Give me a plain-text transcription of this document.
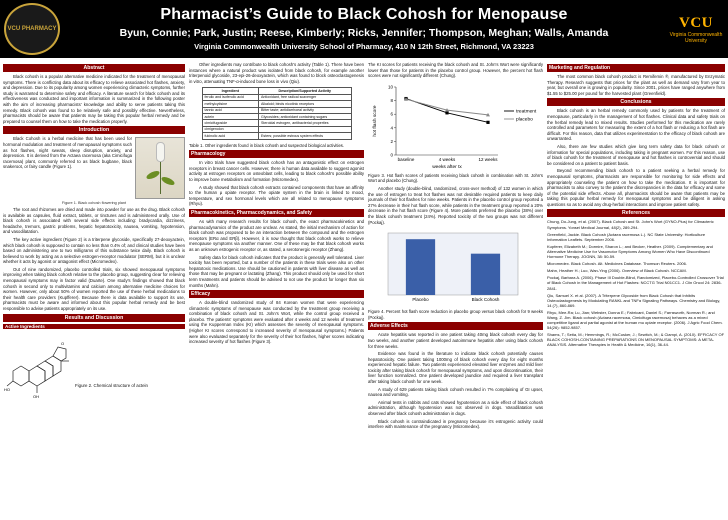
VCU PHARMACY
Pharmacist’s Guide to Black Cohosh for Menopause
Byun, Connie; Park, Justin; Reese, Kimberly; Ricks, Jennifer; Thompson, Meghan; Walls, Amanda
Virginia Commonwealth University School of Pharmacy, 410 N 12th Street, Richmond, VA 23223
VCU
Virginia Commonwealth University
Abstract
Black cohosh is a popular alternative medicine indicated for the treatment of menopausal symptoms. There is conflicting data about its efficacy to relieve associated hot flashes, anxiety, and depression. Due to its popularity among women experiencing climacteric symptoms, further study is warranted to determine safety and efficacy. A literature search for black cohosh and its effectiveness was conducted and important information is summarized in the following poster with the aim of increasing pharmacists' knowledge and ability to serve patients taking this remedy. Black cohosh was found to be relatively safe and possibly effective. Nevertheless, pharmacists should be aware that patients may be taking this popular herbal remedy and be prepared to counsel them on how to take the medication properly.
Introduction
Black Cohosh is a herbal medicine that has been used for hormonal modulation and treatment of menopausal symptoms such as hot flashes, night sweats, sleep disruption, anxiety, and depression. It is derived from the Actaea racemosa (aka Cimicifuga racemosa) plant, commonly referred to as black bugbane, black snakeroot, or fairy candle (Figure 1).
Figure 1. Black cohosh flowering plant
The root and rhizomes are dried and made into powder for use as the drug. Black cohosh is available as capsules, fluid extract, tablets, or tinctures and is administered orally. Use of black cohosh is associated with several side effects including: bradycardia, dizziness, headache, tremors, gastric problems, hepatic hepatotoxicity, nausea, vomiting, hypotension, and vasodilatation.
The key active ingredient (Figure 2) is a triterpene glycoside, specifically 27-deoxyactein, which black cohosh is supposed to contain no less than 0.4% of; and clinical studies have been based on administering one to two milligrams of this substance twice daily. Black cohosh is believed to work by acting as a selective estrogen-receptor modulator (SERM), but it is unclear whether it acts by agonist or antagonist effect (Micromedex).
Out of nine randomized, placebo controlled trials, six showed menopausal symptoms improving when taking black cohosh relative to the placebo group, suggesting clear for relieving menopausal symptoms may in factor valid (Duarte). One study's findings showed that black cohosh in second only to multivitamins and calcium among alternative medicine choices for women. However, only about 50% of women reported the use of these herbal medications to their health care providers (Kupfferer). Because there is data available to support its use, pharmacists must be aware and informed about this popular herbal remedy and be best responsible to advise patients appropriately on its use.
Results and Discussion
Active Ingredients
HO
O
OH
Figure 2. Chemical structure of actein
Other ingredients may contribute to black cohosh's activity (Table 1). There have been instances where a natural product was isolated from black cohosh, for example another triterpenoid glycoside, 23-epi-26-deoxyactein, which was found to block osteoclastogenesis in vitro, attenuating TNF-α-induced bone loss in vivo (Qiu).
Ingredient	Description/Supported Activity
ferulic and isoferulic acid	Antioxidant, free radical scavenger
methylcytisine	Alkaloid; binds nicotinic receptors
tannic acid	Bitter taste; antidiarrhoeal activity
actein	Glycosides; antioxidant containing sugars
cimicifugoside	Steroidal estrogen, antibacterial properties
cimigenolon	
fukinolic acid	Esters; possible estrous system effects
Table 1. Other ingredients found in black cohosh and suspected biological activities.
Pharmacology
In vitro trials have suggested black cohosh has an antagonistic effect on estrogen receptors in breast cancer cells. However, there is human data available to suggest agonist activity at estrogen receptors on osteoblast cells, leading to black cohosh's possible ability to improve bone metabolism and formation (Micromedex).
A study showed that black cohosh extracts contained components that have an affinity to the human μ opiate receptor. The opiate system in the brain is linked to mood, temperature, and sex hormonal levels which are all related to menopause symptoms (Rhyu).
Pharmacokinetics, Pharmacodynamics, and Safety
As with many research results for black cohosh, the exact pharmacokinetics and pharmacodynamics of the product are unclear. As stated, the initial mechanism of action for black cohosh was proposed to be an interaction between the compound and the estrogen receptors (ERα and ERβ). However, it is now thought that black cohosh works to relieve menopause symptoms via another manner. One of these may be that black cohosh works as an unknown estrogenic receptor or, as stated, a serotonergic receptor (Zhang).
Safety data for black cohosh indicates that the product is generally well tolerated. Liver toxicity has been reported, but a number of the patients in these trials were also on other hepatotoxic medications. Use should be cautioned in patients with liver disease as well as those that may be pregnant or lactating (Zhang). This product should only be used for short term treatments and patients should be advised to not use the product for longer than six months (Mahn).
Efficacy
A double-blind randomized study of 84 Korean women that were experiencing climacteric symptoms of menopause was conducted by the treatment group receiving a combination of black cohosh and St. John's Wort, while the control group received a placebo. The patients' symptoms were evaluated after 4 weeks and 12 weeks of treatment using the Kupperman Index (KI) which assesses the severity of menopausal symptoms. (Higher KI scores correspond to increased severity of menopausal symptoms.) Patients were also evaluated separately for the severity of their hot flashes, higher scores indicating increased severity of hot flashes (Figure 3).
The KI scores for patients receiving the black cohosh and St. John's Wort were significantly lower than those for patients in the placebo control group. However, the percent hot flash scores were not significantly different (Chung).
0
2
4
6
8
10
baseline	4 weeks	12 weeks
weeks after tx
hot flash score	treatment
placebo
Figure 3. Hot flash scores of patients receiving black cohosh in combination with St. John's Wort and placebo (Chung).
Another study (double-blind, randomized, cross-over method) of 132 women in which the use of estrogen to treat hot flashes was not desirable required patients to keep daily journals of their hot flashes for nine weeks. Patients in the placebo control group reported a 27% decrease in their hot flash score, while patients in the treatment group reported a 20% decrease in the hot flash score (Figure 4). More patients preferred the placebo (38%) over the black cohosh treatment (24%). Reported toxicity of the two groups was not different (Pockaj).
Placebo	Black Cohosh
Figure 4. Percent hot flash score reduction in placebo group versus black cohosh for 9 weeks (Pockaj).
Adverse Effects
Acute hepatitis was reported in one patient taking 40mg black cohosh every day for two weeks, and another patient developed autoimmune hepatitis after using black cohosh for three weeks.
Evidence was found in the literature to indicate black cohosh potentially causes hepatotoxicity. One patient taking 1000mg of black cohosh every day for eight months experienced hepatic failure. Two patients experienced elevated liver enzymes and mild liver toxicity after taking black cohosh for menopausal symptoms, and upon discontinuation, their liver function normalized. One patient developed jaundice and required a liver transplant after taking black cohosh for one week.
A study of 629 patients taking black cohosh resulted in 7% complaining of GI upset, nausea and vomiting.
Animal tests in rabbits and cats showed hypotension as a side effect of black cohosh administration, although hypotension was not observed in dogs. Vasodilatation was observed after black cohosh administration in dogs.
Black cohosh is contraindicated in pregnancy because it's estrogenic activity could interfere with maintenance of the pregnancy (Micromedex).
Marketing and Regulation
The most common black cohosh product is Remifemin ®, manufactured by Enzymatic Therapy. Research suggests that prices for the plant as well as demand vary from year to year, but overall one is growing in popularity. Since 2001, prices have ranged anywhere from $1.55 to $25.00 per pound for the harvested plant (Greenfield).
Conclusions
Black cohosh is an herbal remedy commonly used by patients for the treatment of menopause, particularly in the management of hot flashes. Clinical data and safety trials on the herbal remedy lead to mixed results. Studies performed for this medication are rarely controlled and parameters for measuring the extent of a hot flash or reducing a hot flash are difficult. For this reason, data that utilizes experimentation to the efficacy of black cohosh are unwarranted.
Also, there are few studies which give long term safety data for black cohosh or information for special populations, including taking in pregnant women. For this reason, use of black cohosh for the treatment of menopause and hot flashes is controversial and should be considered on a patient to patient basis.
Beyond recommending black cohosh to a patient seeking a herbal remedy for menopausal symptoms, pharmacists are responsible for monitoring for side effects and appropriately counseling the patient on how to take the medication. It is important for pharmacists to also convey to the patient the discrepancies in the data for efficacy and some of the potential side effects. Above all, pharmacists should be aware that patients may be taking this popular herbal remedy for menopausal symptoms and be diligent in asking questions so as to avoid any drug-herbal interactions and improve patient safety.
References
Chung, Do-Jung, et al. (2007). Black Cohosh and St. John's Wort (GYNO-Plus) for Climacteric Symptoms. Yonsei Medical Journal, 48(2), 289-294.
Greenfield, Jackie. Black Cohosh (Actaea racemosa L.). NC State University: Horticulture Information Leaflets. September 2006.
Kupferer, Elizabeth M.; Dormire, Sharon L.; and Becker, Heather. (2009). Complementary and Alternative Medicine Use for Vasomotor Symptoms Among Women Who Have Discontinued Hormone Therapy. JOGNN, 38: 50-59.
Micromedex. Black Cohosh. Alt. Medicines Database. Thomson Reuters. 2006.
Mahn, Heather H.; Luo, Wan-Ying (2006). Overview of Black Cohosh. NCCAM.
Pockaj, Barbara A. (2006). Phase III Double-Blind, Randomized, Placebo-Controlled Crossover Trial of Black Cohosh in the Management of Hot Flashes: NCCTG Trial N01CC1. J Clin Oncol 24: 2836-2841.
Qiu, Samuel X. et al. (2007). A Triterpene Glycoside from Black Cohosh that Inhibits Osteoclastogenesis by Modulating RANKL and TNFα Signaling Pathways. Chemistry and Biology, 14 (7), 860-869.
Rhyu, Mee-Ra; Lu, Jian; Webster, Donna E.; Fabricant, Daniel S.; Farnsworth, Norman R.; and Wang, Z. Jim. Black cohosh (Actaea racemosa, Cimicifuga racemosa) behaves as a mixed competitive ligand and partial agonist at the human mu opiate receptor. (2006). J Agric Food Chem. 54(26): 9852-9857.
Shams, T.; Setia, M.; Hemmings, R.; McCusker, J.; Sewitch, M.; & Ciampi, A. (2010). EFFICACY OF BLACK COHOSH-CONTAINING PREPARATIONS ON MENOPAUSAL SYMPTOMS: A META-ANALYSIS. Alternative Therapies in Health & Medicine, 16(1), 36-44.
